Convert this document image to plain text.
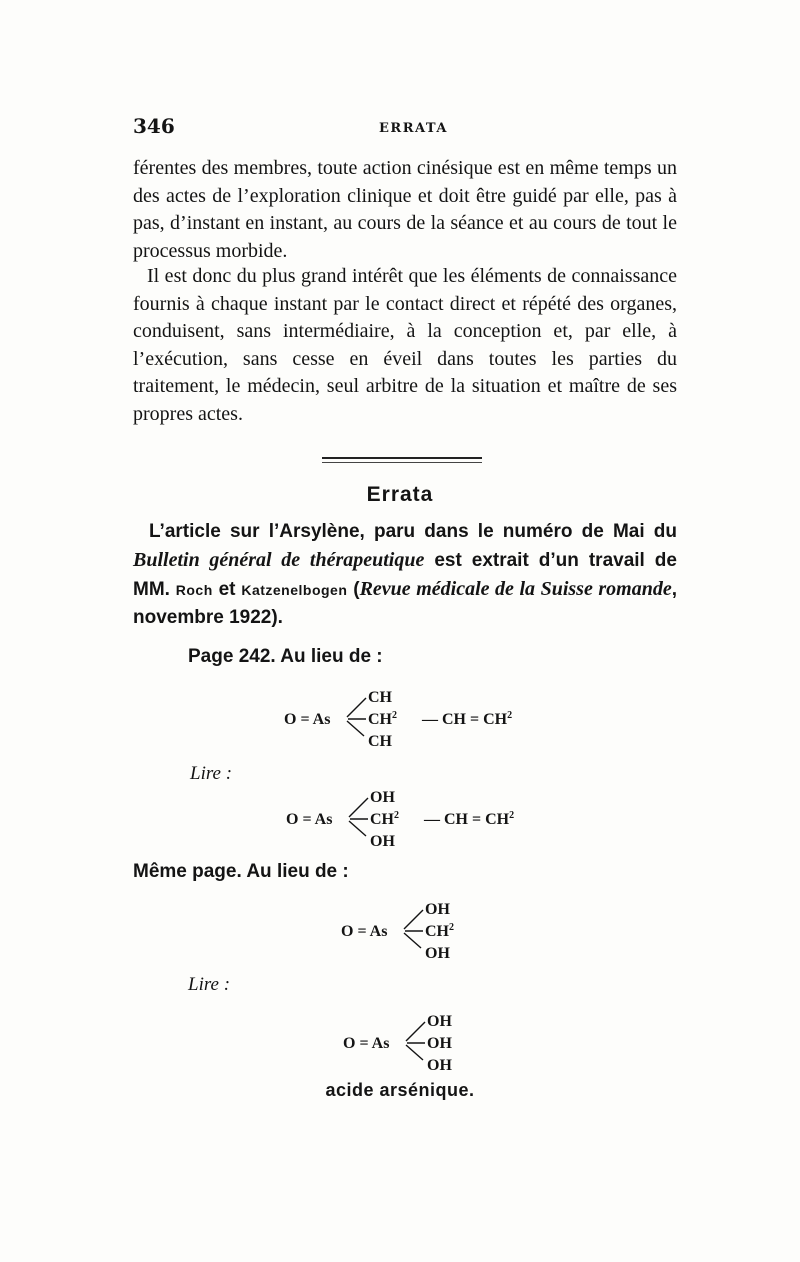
346	ERRATA

férentes des membres, toute action cinésique est en même temps un des actes de l’exploration clinique et doit être guidé par elle, pas à pas, d’instant en instant, au cours de la séance et au cours de tout le processus morbide.

Il est donc du plus grand intérêt que les éléments de connaissance fournis à chaque instant par le contact direct et répété des organes, conduisent, sans intermédiaire, à la conception et, par elle, à l’exécution, sans cesse en éveil dans toutes les parties du traitement, le médecin, seul arbitre de la situation et maître de ses propres actes.

Errata

L’article sur l’Arsylène, paru dans le numéro de Mai du Bulletin général de thérapeutique est extrait d’un travail de MM. Roch et Katzenelbogen (Revue médicale de la Suisse romande, novembre 1922).

Page 242. Au lieu de :
O = As
CH
$CH^2$
CH
— CH = $CH^2$
Lire :
O = As
OH
$CH^2$
OH
— CH = $CH^2$
Même page. Au lieu de :
O = As
OH
$CH^2$
OH
Lire :
O = As
OH
OH
OH
acide arsénique.
